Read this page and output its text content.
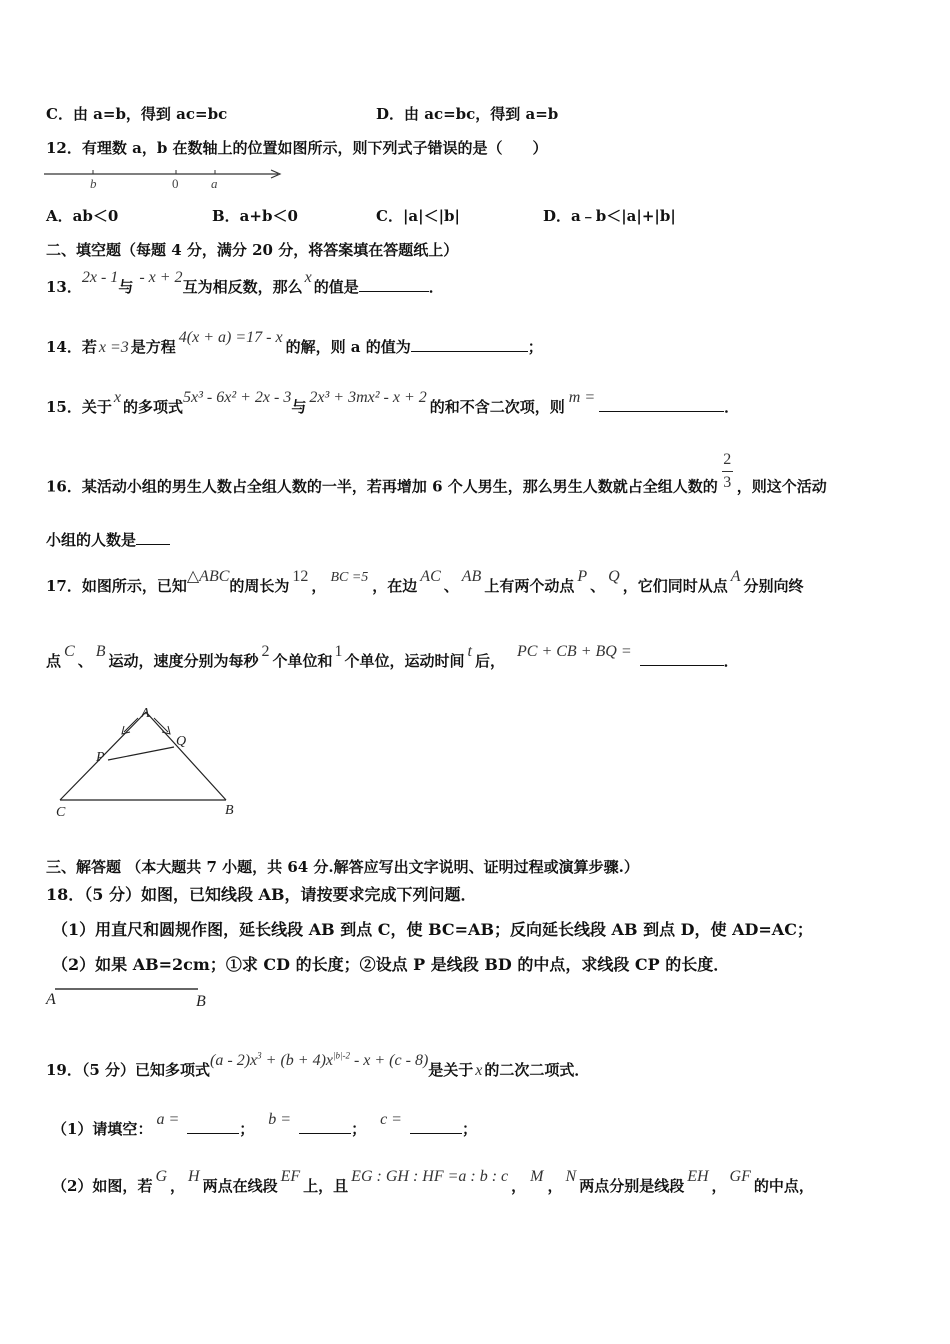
C．由 a=b，得到 ac=bc	D．由 ac=bc，得到 a=b
12．有理数 a，b 在数轴上的位置如图所示，则下列式子错误的是（　　）
b	0	a
A．ab＜0	B．a+b＜0	C．|a|＜|b|	D．a﹣b＜|a|+|b|
二、填空题（每题 4 分，满分 20 分，将答案填在答题纸上）
13．2x - 1与- x + 2互为相反数，那么x的值是	．
14．若 x =3 是方程4(x + a) =17 - x的解，则 a 的值为	；
15．关于x的多项式5x³ - 6x² + 2x - 3与2x³ + 3mx² - x + 2的和不含二次项，则m =．
16．某活动小组的男生人数占全组人数的一半，若再增加 6 个人男生，那么男生人数就占全组人数的 $\frac{2}{3}$ ，则这个活动
小组的人数是
17．如图所示，已知△ABC的周长为12， BC =5 ，在边AC、AB上有两个动点P、Q，它们同时从点A分别向终
点C、B运动，速度分别为每秒2个单位和1个单位，运动时间t后，PC + CB + BQ =．
A
Q
P
C	B
三、解答题 （本大题共 7 小题，共 64 分.解答应写出文字说明、证明过程或演算步骤.）
18．（5 分）如图，已知线段 AB，请按要求完成下列问题．
（1）用直尺和圆规作图，延长线段 AB 到点 C，使 BC=AB；反向延长线段 AB 到点 D，使 AD=AC；
（2）如果 AB=2cm；①求 CD 的长度；②设点 P 是线段 BD 的中点，求线段 CP 的长度．
A	B
19．（5 分）已知多项式$(a - 2)x^3 + (b + 4)x^{|b|-2} - x + (c - 8)$是关于 x 的二次二项式．
（1）请填空：a =；b =；c =；
（2）如图，若G，H两点在线段EF上，且EG : GH : HF =a : b : c，M，N两点分别是线段EH，GF的中点，
